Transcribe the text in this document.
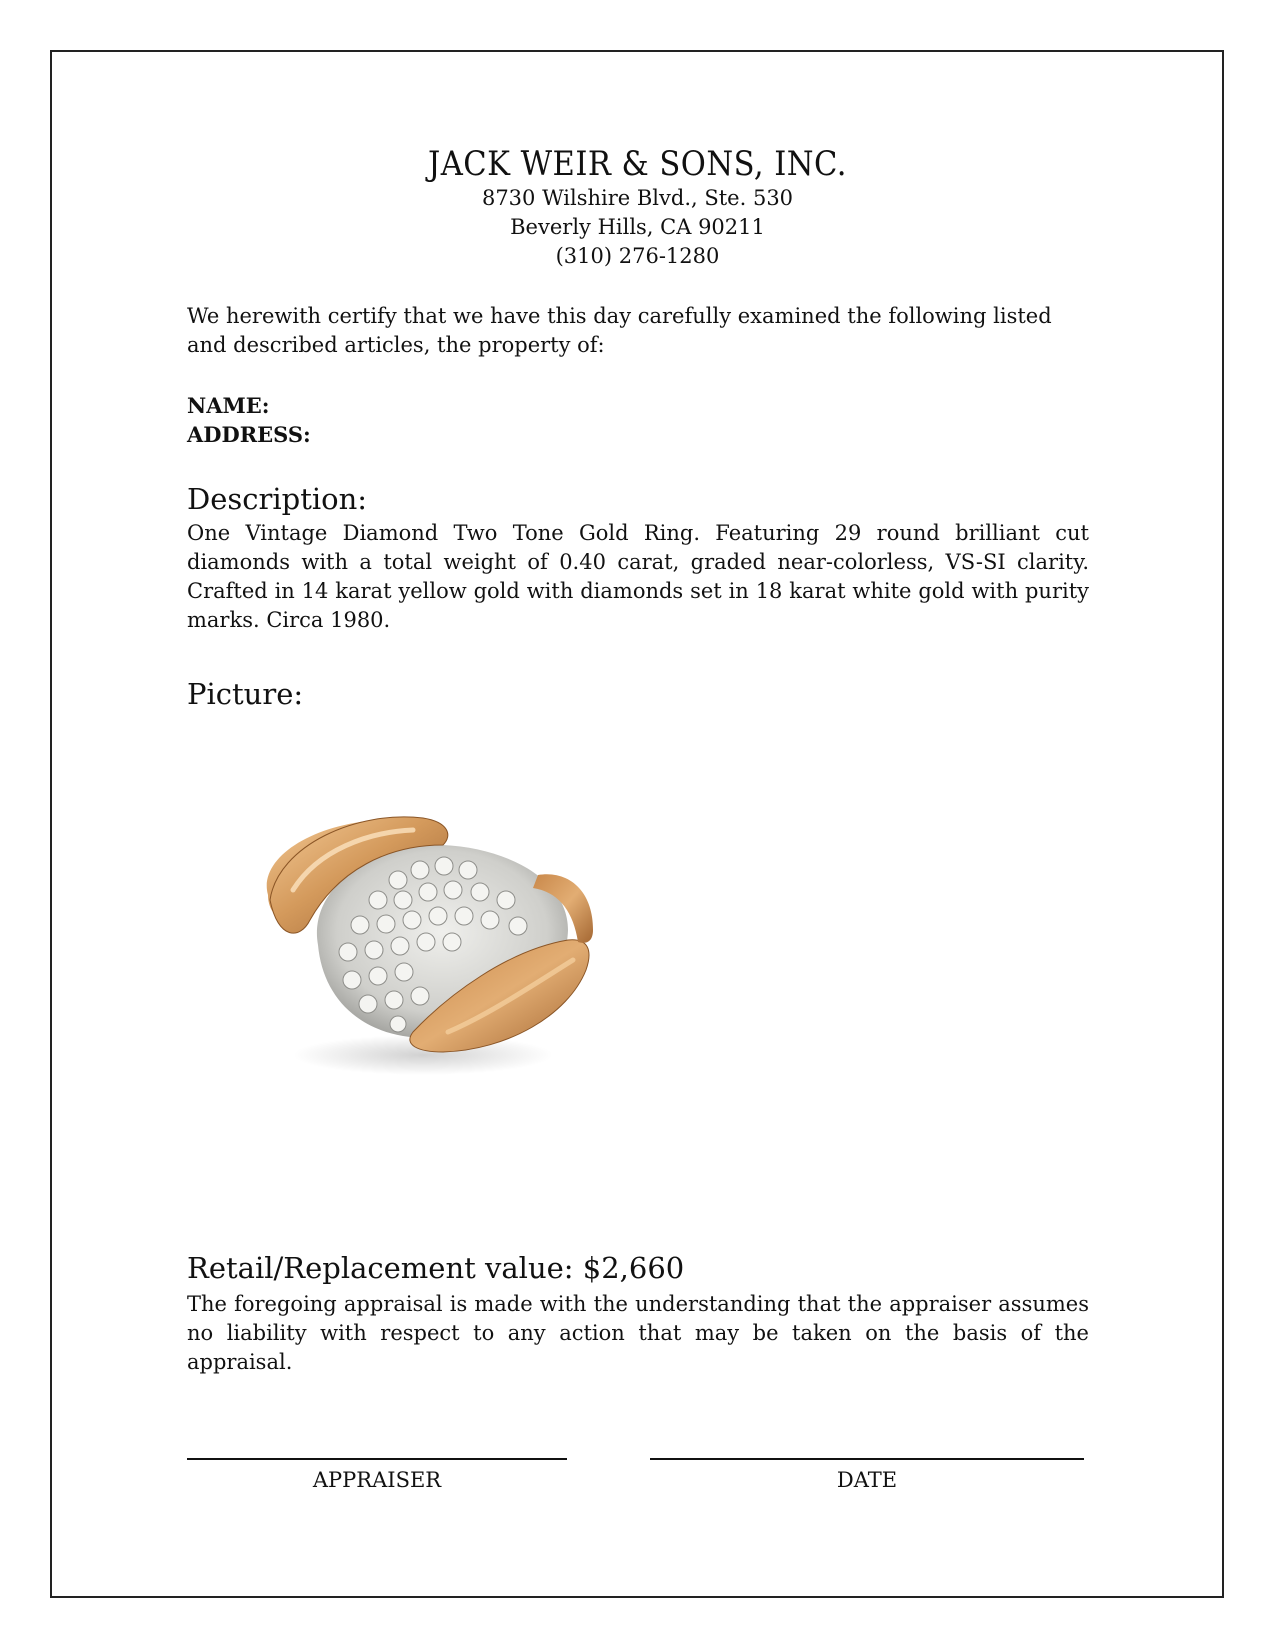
JACK WEIR & SONS, INC.
8730 Wilshire Blvd., Ste. 530
Beverly Hills, CA 90211
(310) 276-1280
We herewith certify that we have this day carefully examined the following listed and described articles, the property of:
NAME:
ADDRESS:
Description:
One Vintage Diamond Two Tone Gold Ring. Featuring 29 round brilliant cut diamonds with a total weight of 0.40 carat, graded near-colorless, VS-SI clarity. Crafted in 14 karat yellow gold with diamonds set in 18 karat white gold with purity marks. Circa 1980.
Picture:
Retail/Replacement value: $2,660
The foregoing appraisal is made with the understanding that the appraiser assumes no liability with respect to any action that may be taken on the basis of the appraisal.
APPRAISER	DATE
